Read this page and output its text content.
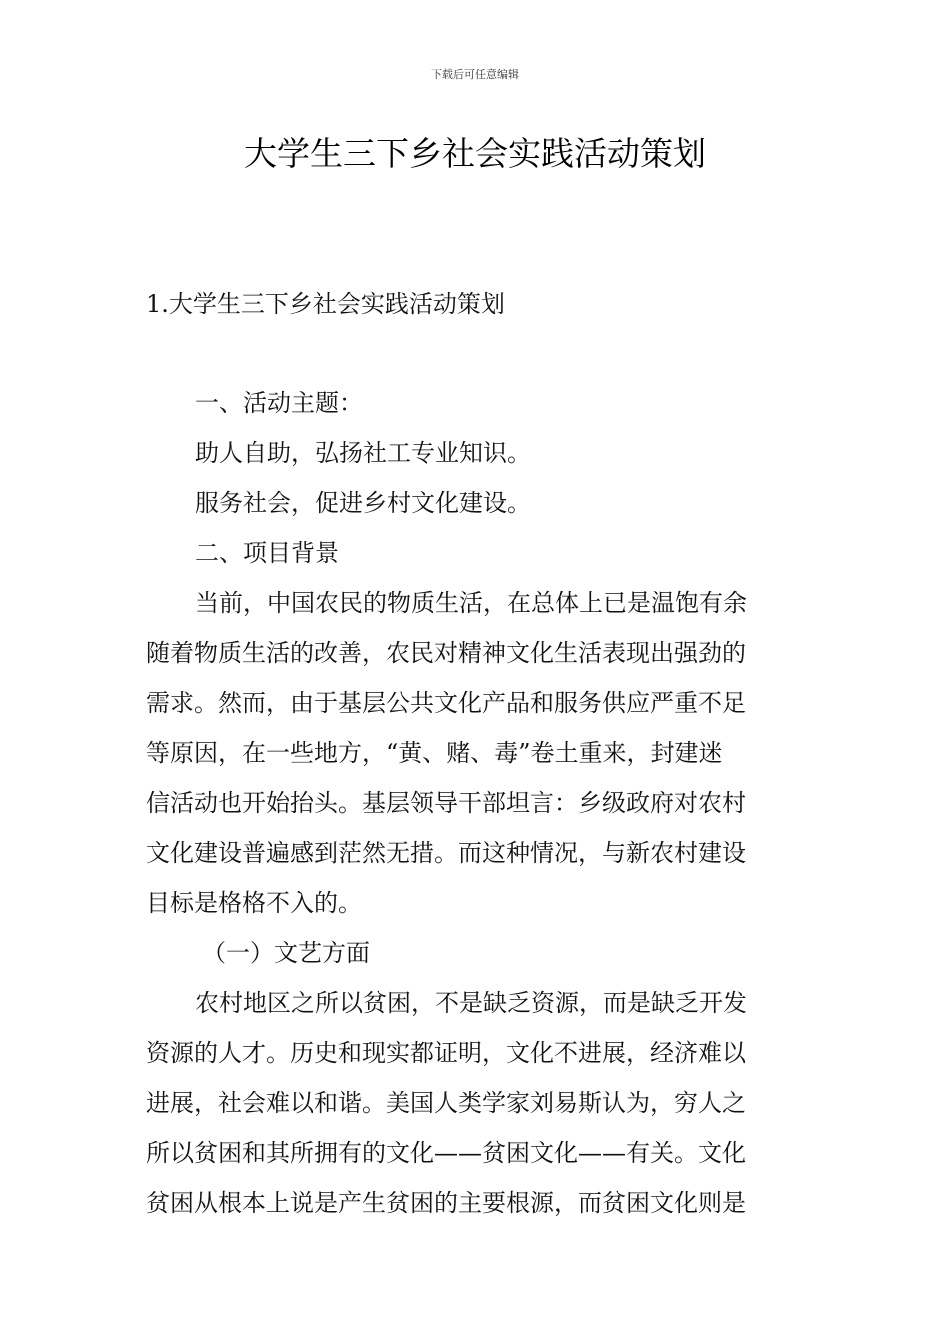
下载后可任意编辑
大学生三下乡社会实践活动策划

1.大学生三下乡社会实践活动策划

一、活动主题：

助人自助，弘扬社工专业知识。

服务社会，促进乡村文化建设。

二、项目背景

当前，中国农民的物质生活，在总体上已是温饱有余

随着物质生活的改善，农民对精神文化生活表现出强劲的

需求。然而，由于基层公共文化产品和服务供应严重不足

等原因，在一些地方，“黄、赌、毒”卷土重来，封建迷

信活动也开始抬头。基层领导干部坦言：乡级政府对农村

文化建设普遍感到茫然无措。而这种情况，与新农村建设

目标是格格不入的。

（一）文艺方面

农村地区之所以贫困，不是缺乏资源，而是缺乏开发

资源的人才。历史和现实都证明，文化不进展，经济难以

进展，社会难以和谐。美国人类学家刘易斯认为，穷人之

所以贫困和其所拥有的文化——贫困文化——有关。文化

贫困从根本上说是产生贫困的主要根源，而贫困文化则是
